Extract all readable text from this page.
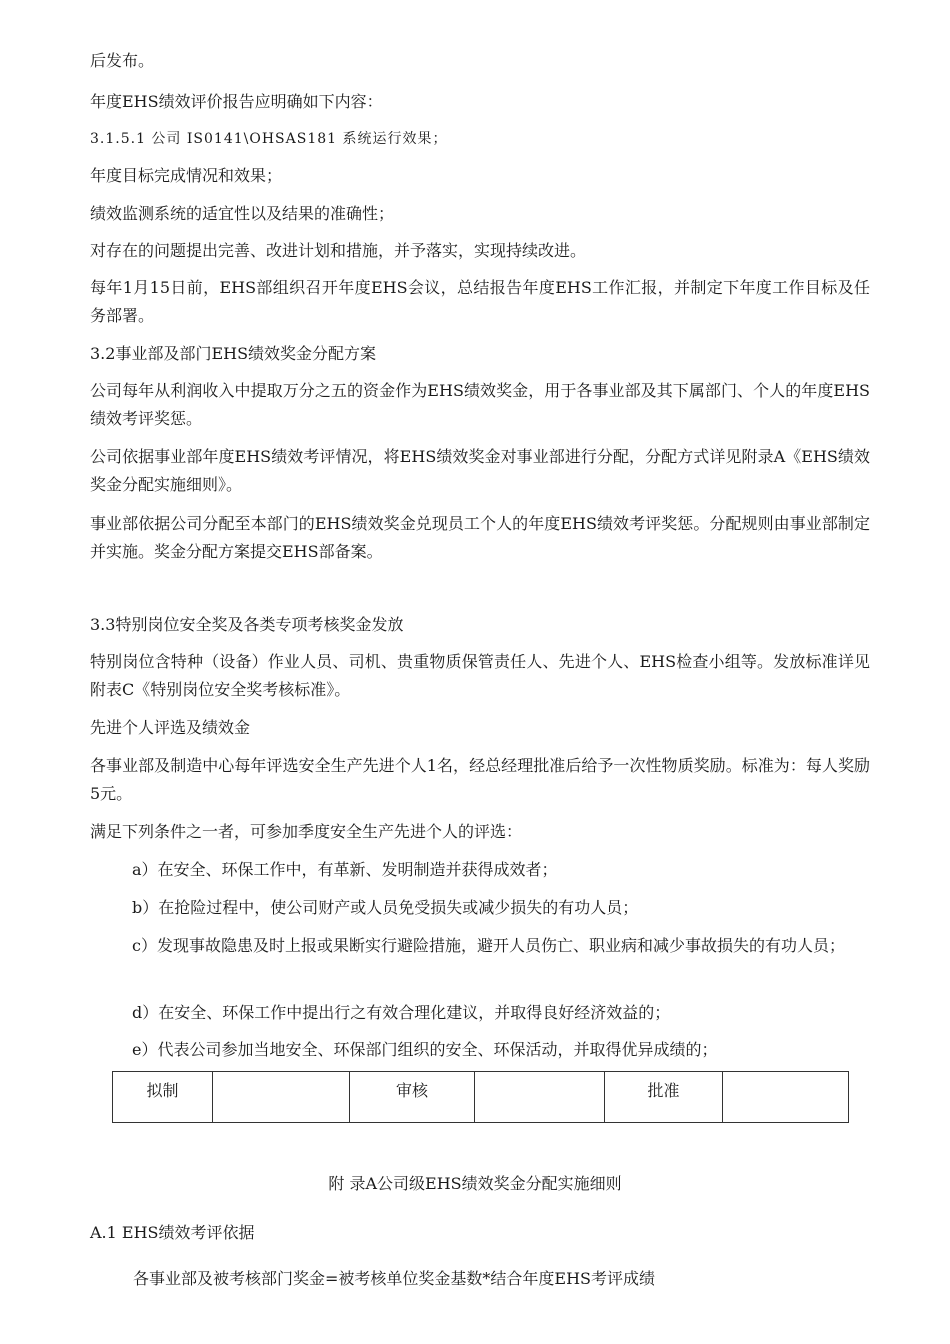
后发布。

年度EHS绩效评价报告应明确如下内容：

3.1.5.1 公司 IS0141\OHSAS181 系统运行效果；

年度目标完成情况和效果；

绩效监测系统的适宜性以及结果的准确性；

对存在的问题提出完善、改进计划和措施，并予落实，实现持续改进。

每年1月15日前，EHS部组织召开年度EHS会议，总结报告年度EHS工作汇报，并制定下年度工作目标及任务部署。

3.2事业部及部门EHS绩效奖金分配方案

公司每年从利润收入中提取万分之五的资金作为EHS绩效奖金，用于各事业部及其下属部门、个人的年度EHS绩效考评奖惩。

公司依据事业部年度EHS绩效考评情况，将EHS绩效奖金对事业部进行分配，分配方式详见附录A《EHS绩效奖金分配实施细则》。

事业部依据公司分配至本部门的EHS绩效奖金兑现员工个人的年度EHS绩效考评奖惩。分配规则由事业部制定并实施。奖金分配方案提交EHS部备案。

3.3特别岗位安全奖及各类专项考核奖金发放

特别岗位含特种（设备）作业人员、司机、贵重物质保管责任人、先进个人、EHS检查小组等。发放标准详见附表C《特别岗位安全奖考核标准》。

先进个人评选及绩效金

各事业部及制造中心每年评选安全生产先进个人1名，经总经理批准后给予一次性物质奖励。标准为：每人奖励5元。

满足下列条件之一者，可参加季度安全生产先进个人的评选：

a）在安全、环保工作中，有革新、发明制造并获得成效者；

b）在抢险过程中，使公司财产或人员免受损失或减少损失的有功人员；

c）发现事故隐患及时上报或果断实行避险措施，避开人员伤亡、职业病和减少事故损失的有功人员；

d）在安全、环保工作中提出行之有效合理化建议，并取得良好经济效益的；

e）代表公司参加当地安全、环保部门组织的安全、环保活动，并取得优异成绩的；

拟制		审核		批准	

附 录A公司级EHS绩效奖金分配实施细则

A.1 EHS绩效考评依据

各事业部及被考核部门奖金=被考核单位奖金基数*结合年度EHS考评成绩
